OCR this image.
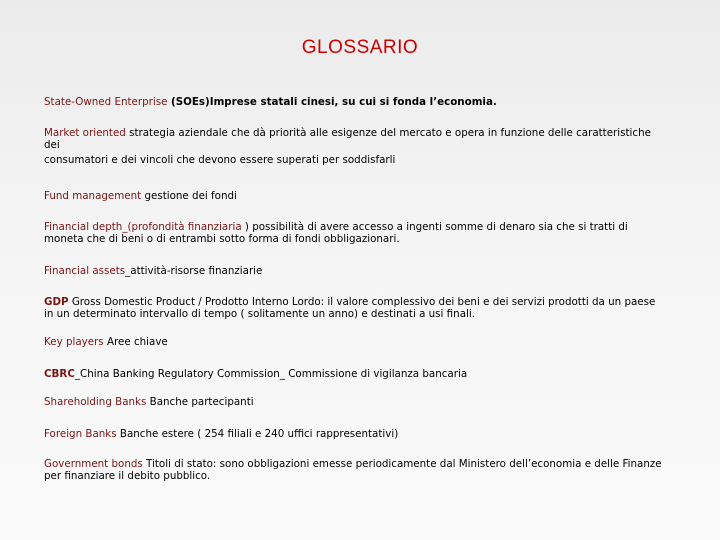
GLOSSARIO
State-Owned Enterprise (SOEs)Imprese statali cinesi, su cui si fonda l’economia.
Market oriented strategia aziendale che dà priorità alle esigenze del mercato e opera in funzione delle caratteristiche dei
consumatori e dei vincoli che devono essere superati per soddisfarli
Fund management gestione dei fondi
Financial depth_(profondità finanziaria ) possibilità di avere accesso a ingenti somme di denaro sia che si tratti di moneta che di beni o di entrambi sotto forma di fondi obbligazionari.
Financial assets_attività-risorse finanziarie
GDP Gross Domestic Product / Prodotto Interno Lordo: il valore complessivo dei beni e dei servizi prodotti da un paese in un determinato intervallo di tempo ( solitamente un anno) e destinati a usi finali.
Key players Aree chiave
CBRC_China Banking Regulatory Commission_ Commissione di vigilanza bancaria
Shareholding Banks Banche partecipanti
Foreign Banks Banche estere ( 254 filiali e 240 uffici rappresentativi)
Government bonds Titoli di stato: sono obbligazioni emesse periodicamente dal Ministero dell’economia e delle Finanze per finanziare il debito pubblico.
